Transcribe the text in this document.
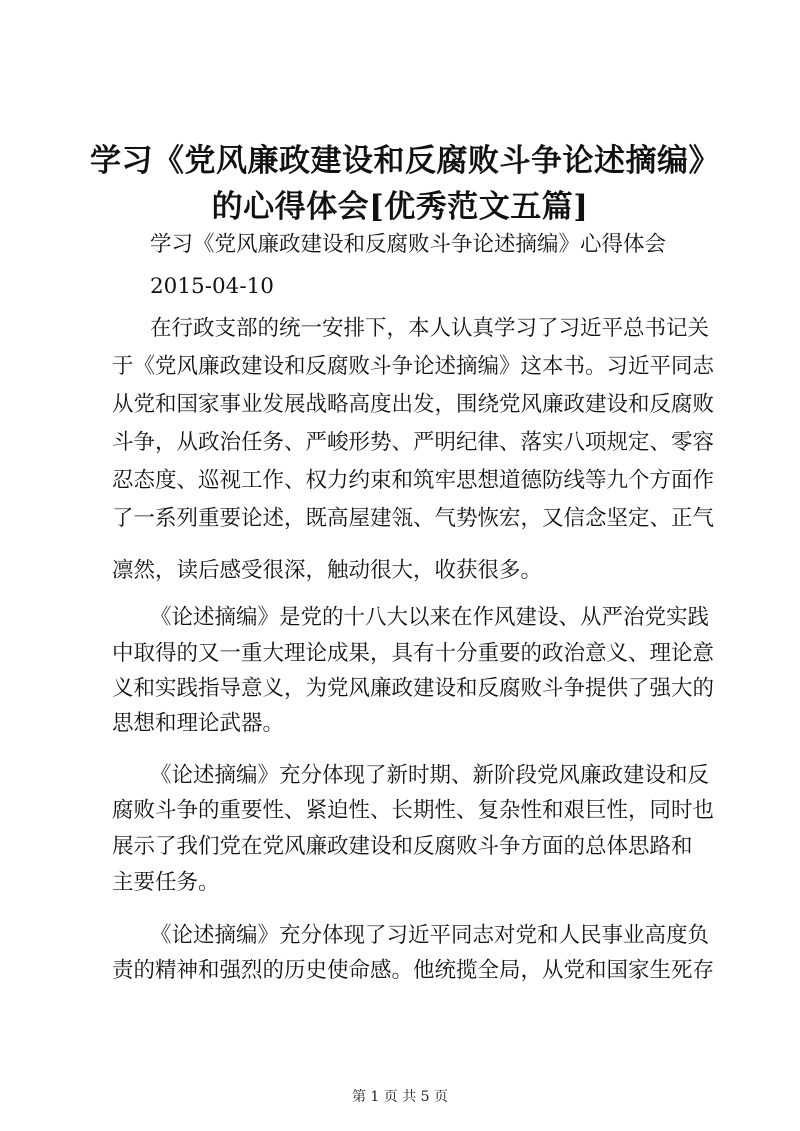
学习《党风廉政建设和反腐败斗争论述摘编》
的心得体会[优秀范文五篇]
学习《党风廉政建设和反腐败斗争论述摘编》心得体会
2015-04-10
在行政支部的统一安排下，本人认真学习了习近平总书记关
于《党风廉政建设和反腐败斗争论述摘编》这本书。习近平同志
从党和国家事业发展战略高度出发，围绕党风廉政建设和反腐败
斗争，从政治任务、严峻形势、严明纪律、落实八项规定、零容
忍态度、巡视工作、权力约束和筑牢思想道德防线等九个方面作
了一系列重要论述，既高屋建瓴、气势恢宏，又信念坚定、正气
凛然，读后感受很深，触动很大，收获很多。
《论述摘编》是党的十八大以来在作风建设、从严治党实践
中取得的又一重大理论成果，具有十分重要的政治意义、理论意
义和实践指导意义，为党风廉政建设和反腐败斗争提供了强大的
思想和理论武器。
《论述摘编》充分体现了新时期、新阶段党风廉政建设和反
腐败斗争的重要性、紧迫性、长期性、复杂性和艰巨性，同时也
展示了我们党在党风廉政建设和反腐败斗争方面的总体思路和
主要任务。
《论述摘编》充分体现了习近平同志对党和人民事业高度负
责的精神和强烈的历史使命感。他统揽全局，从党和国家生死存
第 1 页 共 5 页
